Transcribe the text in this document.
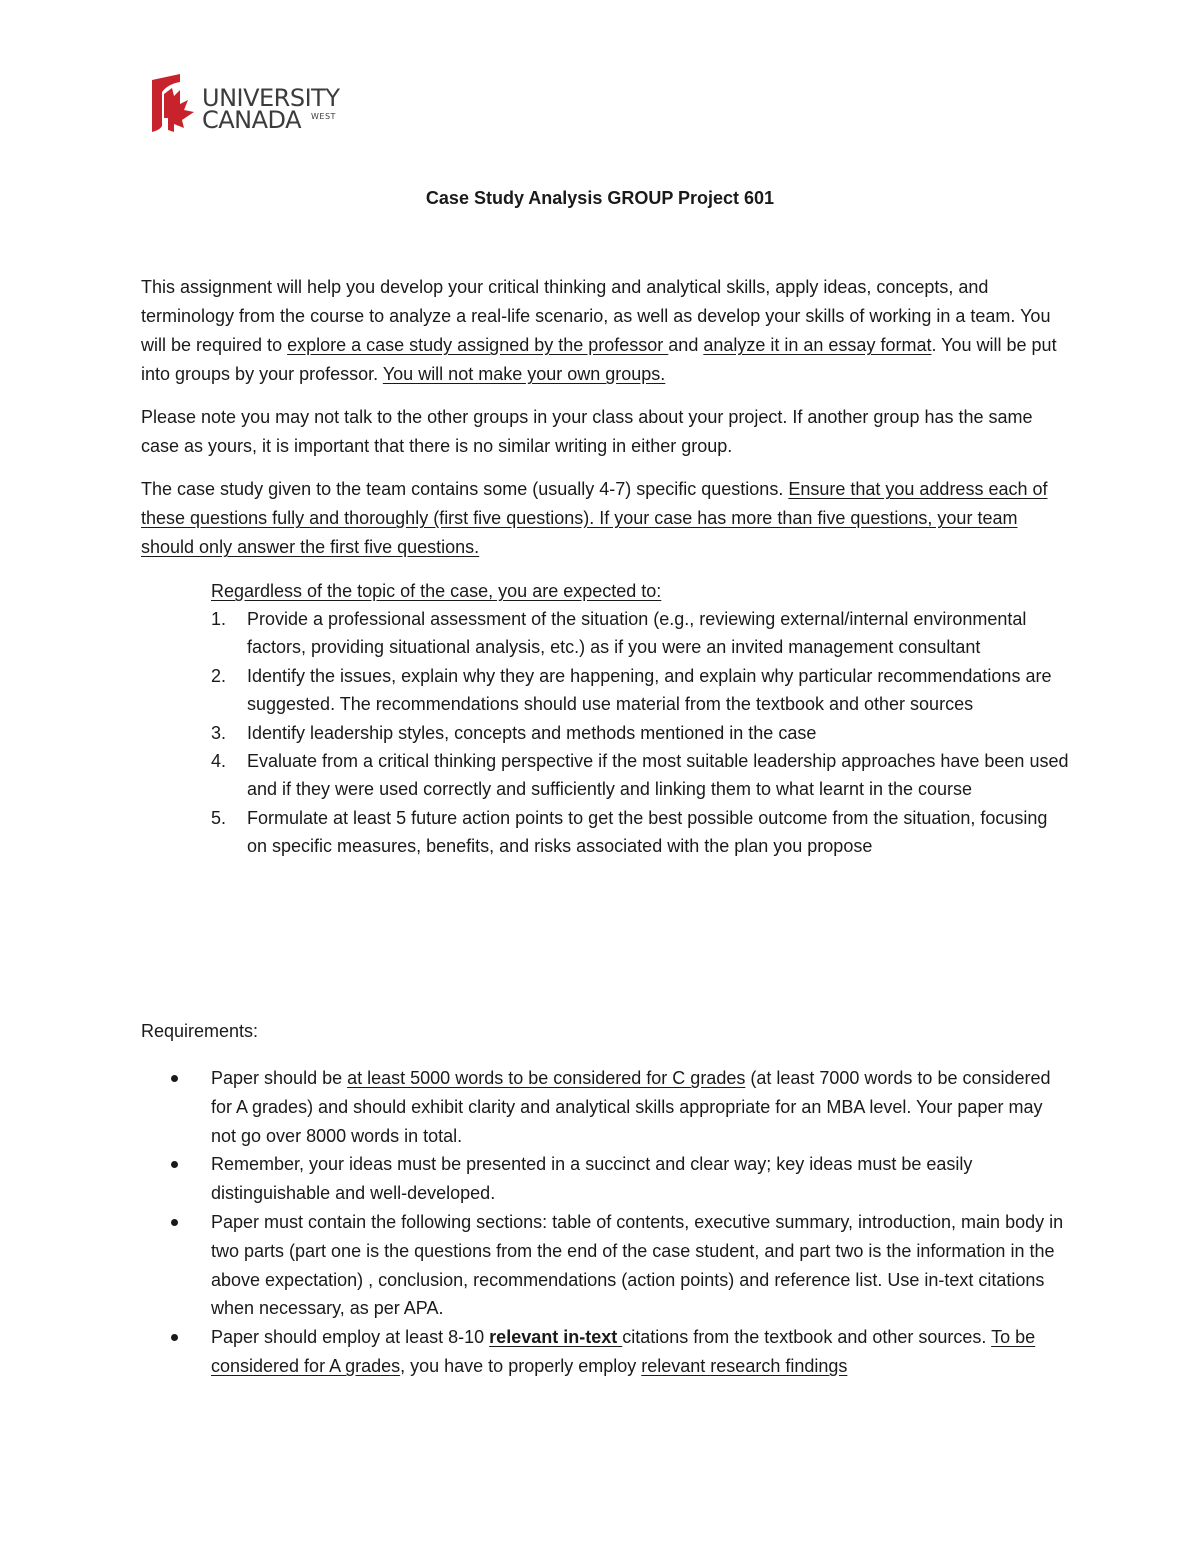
UNIVERSITY
CANADA WEST
Case Study Analysis GROUP Project 601

This assignment will help you develop your critical thinking and analytical skills, apply ideas, concepts, and terminology from the course to analyze a real-life scenario, as well as develop your skills of working in a team. You will be required to explore a case study assigned by the professor and analyze it in an essay format. You will be put into groups by your professor. You will not make your own groups.

Please note you may not talk to the other groups in your class about your project. If another group has the same case as yours, it is important that there is no similar writing in either group.

The case study given to the team contains some (usually 4-7) specific questions. Ensure that you address each of these questions fully and thoroughly (first five questions). If your case has more than five questions, your team should only answer the first five questions.

Regardless of the topic of the case, you are expected to:
1. Provide a professional assessment of the situation (e.g., reviewing external/internal environmental factors, providing situational analysis, etc.) as if you were an invited management consultant
2. Identify the issues, explain why they are happening, and explain why particular recommendations are suggested. The recommendations should use material from the textbook and other sources
3. Identify leadership styles, concepts and methods mentioned in the case
4. Evaluate from a critical thinking perspective if the most suitable leadership approaches have been used and if they were used correctly and sufficiently and linking them to what learnt in the course
5. Formulate at least 5 future action points to get the best possible outcome from the situation, focusing on specific measures, benefits, and risks associated with the plan you propose
Requirements:
Paper should be at least 5000 words to be considered for C grades (at least 7000 words to be considered for A grades) and should exhibit clarity and analytical skills appropriate for an MBA level. Your paper may not go over 8000 words in total.
Remember, your ideas must be presented in a succinct and clear way; key ideas must be easily distinguishable and well-developed.
Paper must contain the following sections: table of contents, executive summary, introduction, main body in two parts (part one is the questions from the end of the case student, and part two is the information in the above expectation) , conclusion, recommendations (action points) and reference list. Use in-text citations when necessary, as per APA.
Paper should employ at least 8-10 relevant in-text citations from the textbook and other sources. To be considered for A grades, you have to properly employ relevant research findings
